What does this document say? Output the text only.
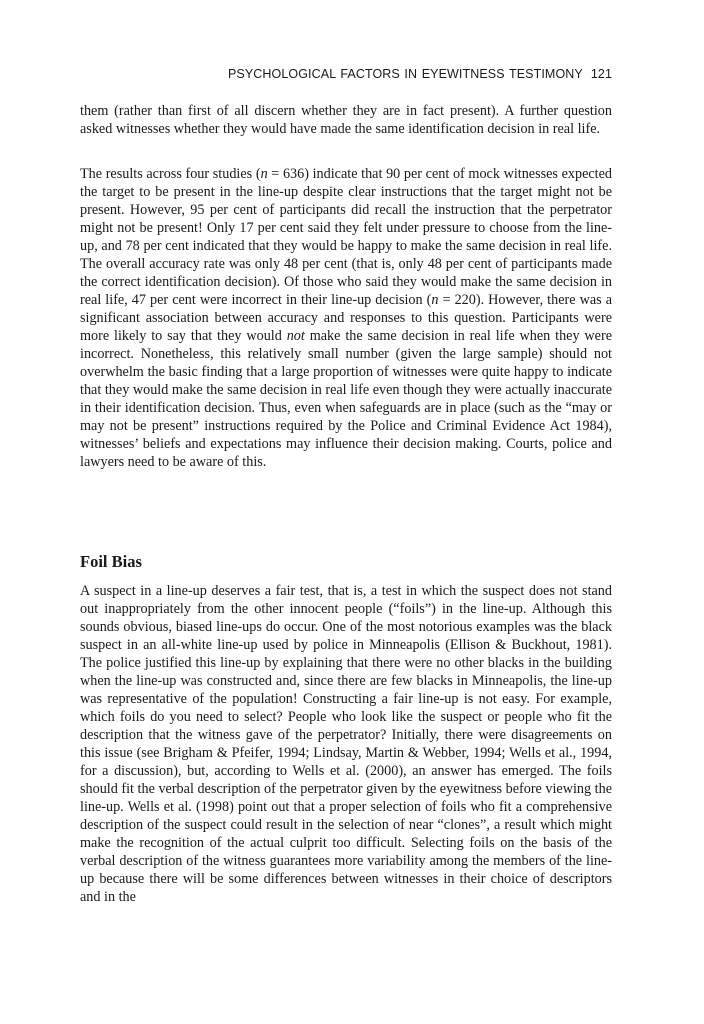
PSYCHOLOGICAL FACTORS IN EYEWITNESS TESTIMONY 121

them (rather than first of all discern whether they are in fact present). A further question asked witnesses whether they would have made the same identification decision in real life.

The results across four studies (n = 636) indicate that 90 per cent of mock witnesses expected the target to be present in the line-up despite clear instructions that the target might not be present. However, 95 per cent of participants did recall the instruction that the perpetrator might not be present! Only 17 per cent said they felt under pressure to choose from the line-up, and 78 per cent indicated that they would be happy to make the same decision in real life. The overall accuracy rate was only 48 per cent (that is, only 48 per cent of participants made the correct identification decision). Of those who said they would make the same decision in real life, 47 per cent were incorrect in their line-up decision (n = 220). However, there was a significant association between accuracy and responses to this question. Participants were more likely to say that they would not make the same decision in real life when they were incorrect. Nonetheless, this relatively small number (given the large sample) should not overwhelm the basic finding that a large proportion of witnesses were quite happy to indicate that they would make the same decision in real life even though they were actually inaccurate in their identification decision. Thus, even when safeguards are in place (such as the “may or may not be present” instructions required by the Police and Criminal Evidence Act 1984), witnesses’ beliefs and expectations may influence their decision making. Courts, police and lawyers need to be aware of this.

Foil Bias

A suspect in a line-up deserves a fair test, that is, a test in which the suspect does not stand out inappropriately from the other innocent people (“foils”) in the line-up. Although this sounds obvious, biased line-ups do occur. One of the most notorious examples was the black suspect in an all-white line-up used by police in Minneapolis (Ellison & Buckhout, 1981). The police justified this line-up by explaining that there were no other blacks in the building when the line-up was constructed and, since there are few blacks in Minneapolis, the line-up was representative of the population! Constructing a fair line-up is not easy. For example, which foils do you need to select? People who look like the suspect or people who fit the description that the witness gave of the perpetrator? Initially, there were disagreements on this issue (see Brigham & Pfeifer, 1994; Lindsay, Martin & Webber, 1994; Wells et al., 1994, for a discussion), but, according to Wells et al. (2000), an answer has emerged. The foils should fit the verbal description of the perpetrator given by the eyewitness before viewing the line-up. Wells et al. (1998) point out that a proper selection of foils who fit a comprehensive description of the suspect could result in the selection of near “clones”, a result which might make the recognition of the actual culprit too difficult. Selecting foils on the basis of the verbal description of the witness guarantees more variability among the members of the line-up because there will be some differences between witnesses in their choice of descriptors and in the
